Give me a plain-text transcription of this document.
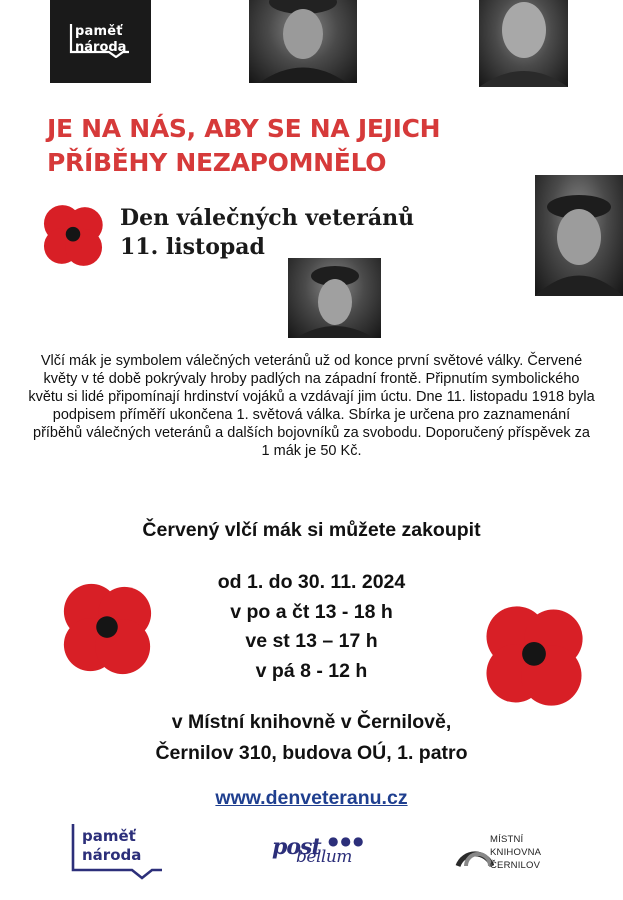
paměť
národa
JE NA NÁS, ABY SE NA JEJICH
PŘÍBĚHY NEZAPOMNĚLO
Den válečných veteránů
11. listopad
Vlčí mák je symbolem válečných veteránů už od konce první světové války. Červené květy v té době pokrývaly hroby padlých na západní frontě. Připnutím symbolického květu si lidé připomínají hrdinství vojáků a vzdávají jim úctu. Dne 11. listopadu 1918 byla podpisem příměří ukončena 1. světová válka. Sbírka je určena pro zaznamenání příběhů válečných veteránů a dalších bojovníků za svobodu. Doporučený příspěvek za 1 mák je 50 Kč.
Červený vlčí mák si můžete zakoupit
od 1. do 30. 11. 2024
v po a čt 13 - 18 h
ve st 13 – 17 h
v pá 8 - 12 h
v Místní knihovně v Černilově,
Černilov 310, budova OÚ, 1. patro
www.denveteranu.cz
paměť
národa	post
bellum
●●●	MÍSTNÍ
KNIHOVNA
ČERNILOV
